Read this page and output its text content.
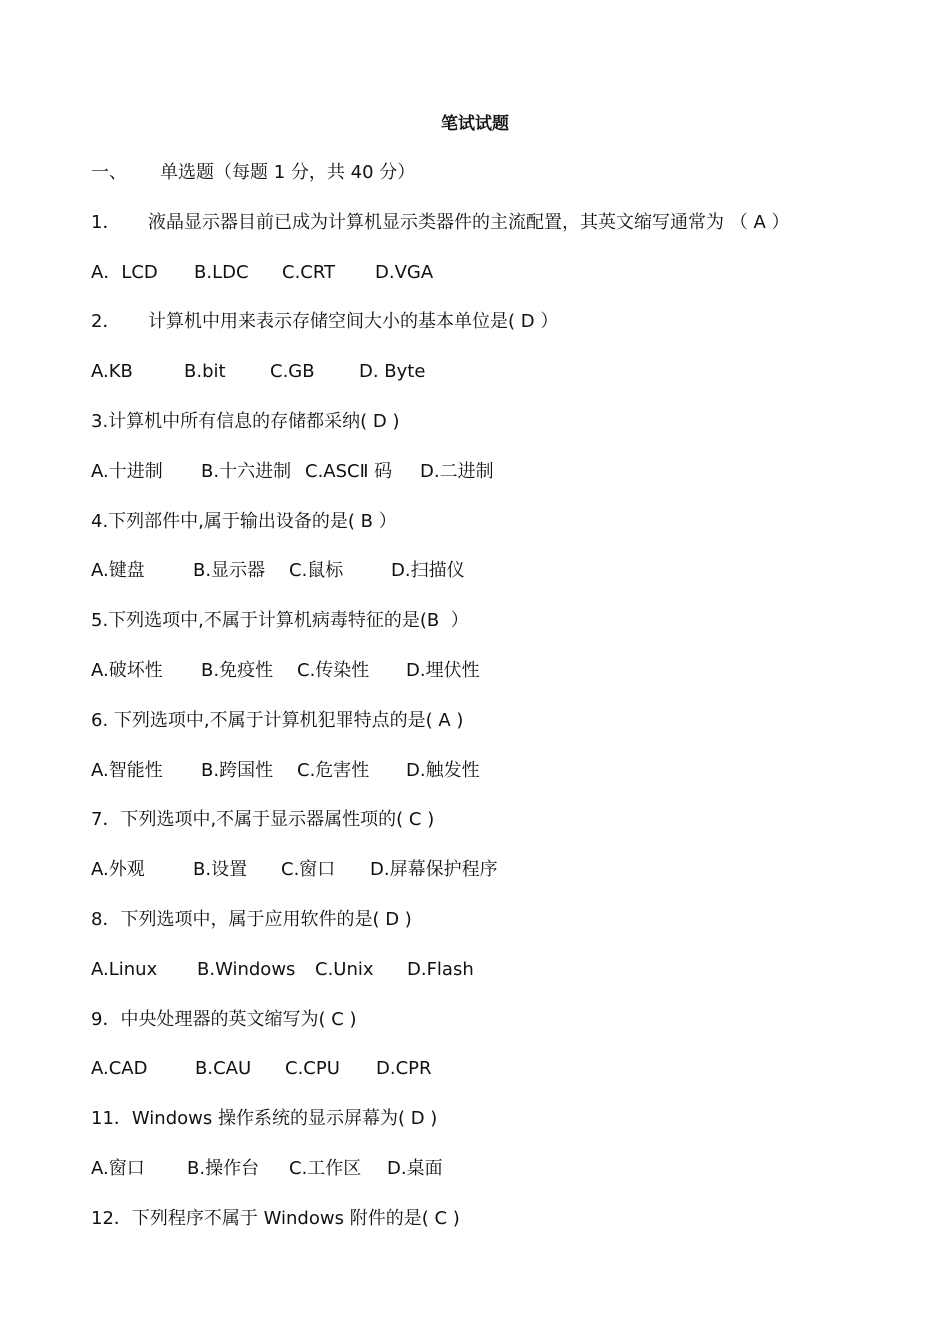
笔试试题
一、 单选题（每题 1 分，共 40 分）
1． 液晶显示器目前已成为计算机显示类器件的主流配置，其英文缩写通常为 （ A ）
A．LCD B.LDC C.CRT D.VGA
2． 计算机中用来表示存储空间大小的基本单位是( D ）
A.KB	B.bit C.GB D. Byte
3.计算机中所有信息的存储都采纳( D )
A.十进制 B.十六进制 C.ASCⅡ 码 D.二进制
4.下列部件中,属于输出设备的是( B ）
A.键盘	B.显示器 C.鼠标	D.扫描仪
5.下列选项中,不属于计算机病毒特征的是(B  ）
A.破坏性 B.免疫性 C.传染性 D.埋伏性
6. 下列选项中,不属于计算机犯罪特点的是( A )
A.智能性 B.跨国性 C.危害性 D.触发性
7．下列选项中,不属于显示器属性项的( C )
A.外观	B.设置 C.窗口 D.屏幕保护程序
8．下列选项中，属于应用软件的是( D )
A.Linux B.Windows C.Unix D.Flash
9．中央处理器的英文缩写为( C )
A.CAD	B.CAU C.CPU D.CPR
11．Windows 操作系统的显示屏幕为( D )
A.窗口 B.操作台 C.工作区 D.桌面
12．下列程序不属于 Windows 附件的是( C )
